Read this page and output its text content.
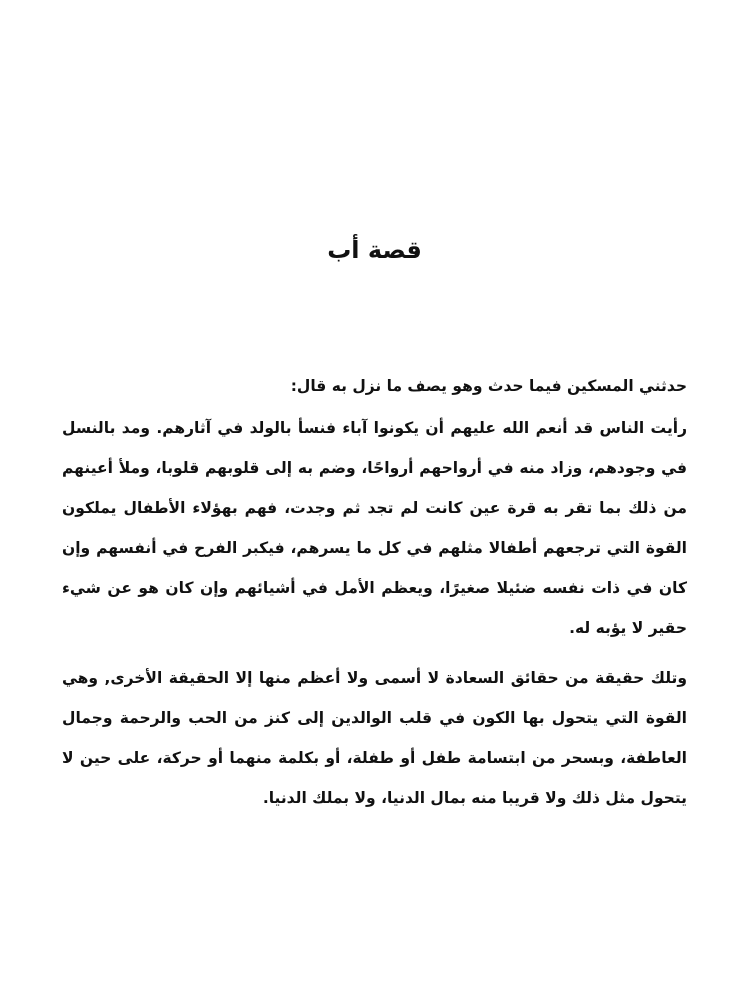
قصة أب

حدثني المسكين فيما حدث وهو يصف ما نزل به قال:

رأيت الناس قد أنعم الله عليهم أن يكونوا آباء فنسأ بالولد في آثارهم. ومد بالنسل في وجودهم، وزاد منه في أرواحهم أرواحًا، وضم به إلى قلوبهم قلوبا، وملأ أعينهم من ذلك بما تقر به قرة عين كانت لم تجد ثم وجدت، فهم بهؤلاء الأطفال يملكون القوة التي ترجعهم أطفالا مثلهم في كل ما يسرهم، فيكبر الفرح في أنفسهم وإن كان في ذات نفسه ضئيلا صغيرًا، ويعظم الأمل في أشيائهم وإن كان هو عن شيء حقير لا يؤبه له.

وتلك حقيقة من حقائق السعادة لا أسمى ولا أعظم منها إلا الحقيقة الأخرى, وهي القوة التي يتحول بها الكون في قلب الوالدين إلى كنز من الحب والرحمة وجمال العاطفة، وبسحر من ابتسامة طفل أو طفلة، أو بكلمة منهما أو حركة، على حين لا يتحول مثل ذلك ولا قريبا منه بمال الدنيا، ولا بملك الدنيا.
